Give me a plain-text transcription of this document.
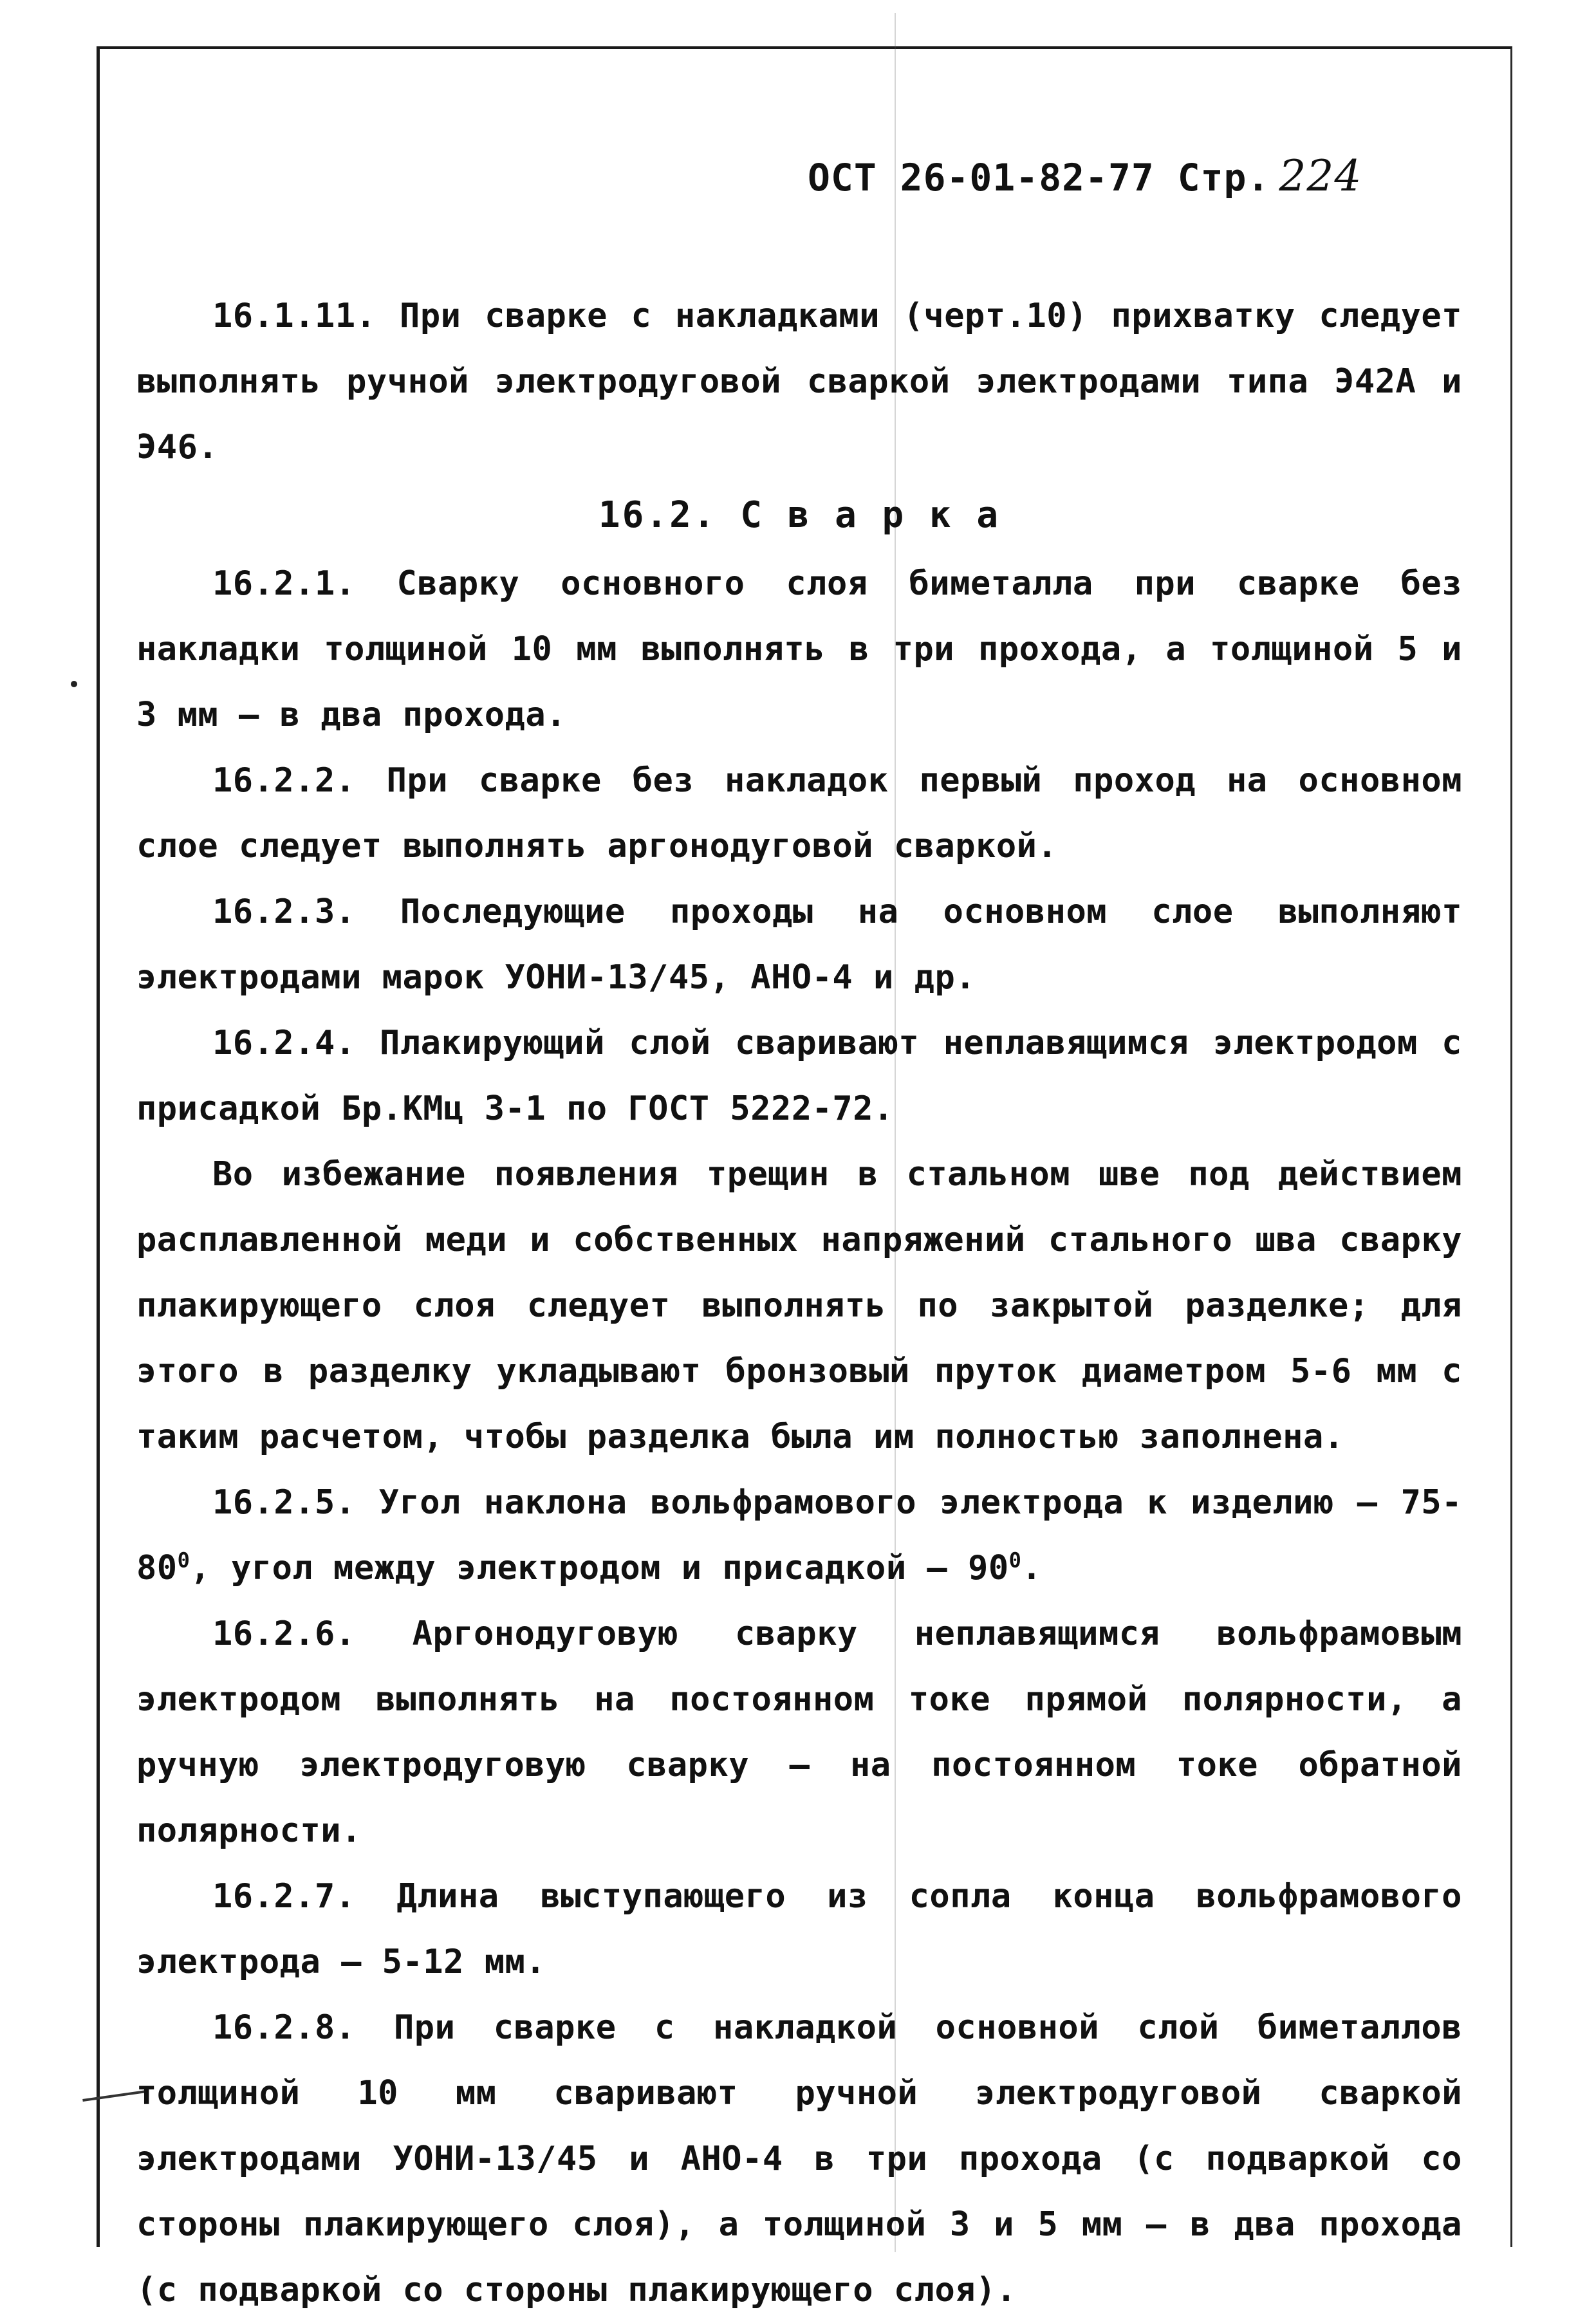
ОСТ 26-01-82-77 Стр. 224

16.1.11. При сварке с накладками (черт.10) прихватку следует выполнять ручной электродуговой сваркой электродами типа Э42А и Э46.

16.2. С в а р к а

16.2.1. Сварку основного слоя биметалла при сварке без накладки толщиной 10 мм выполнять в три прохода, а толщиной 5 и 3 мм – в два прохода.

16.2.2. При сварке без накладок первый проход на основном слое следует выполнять аргонодуговой сваркой.

16.2.3. Последующие проходы на основном слое выполняют электродами марок УОНИ-13/45, АНО-4 и др.

16.2.4. Плакирующий слой сваривают неплавящимся электродом с присадкой Бр.КМц 3-1 по ГОСТ 5222-72.

Во избежание появления трещин в стальном шве под действием расплавленной меди и собственных напряжений стального шва сварку плакирующего слоя следует выполнять по закрытой разделке; для этого в разделку укладывают бронзовый пруток диаметром 5-6 мм с таким расчетом, чтобы разделка была им полностью заполнена.

16.2.5. Угол наклона вольфрамового электрода к изделию – $75-80^0$, угол между электродом и присадкой – $90^0$.

16.2.6. Аргонодуговую сварку неплавящимся вольфрамовым электродом выполнять на постоянном токе прямой полярности, а ручную электродуговую сварку – на постоянном токе обратной полярности.

16.2.7. Длина выступающего из сопла конца вольфрамового электрода – 5-12 мм.

16.2.8. При сварке с накладкой основной слой биметаллов толщиной 10 мм сваривают ручной электродуговой сваркой электродами УОНИ-13/45 и АНО-4 в три прохода (с подваркой со стороны плакирующего слоя), а толщиной 3 и 5 мм – в два прохода (с подваркой со стороны плакирующего слоя).
